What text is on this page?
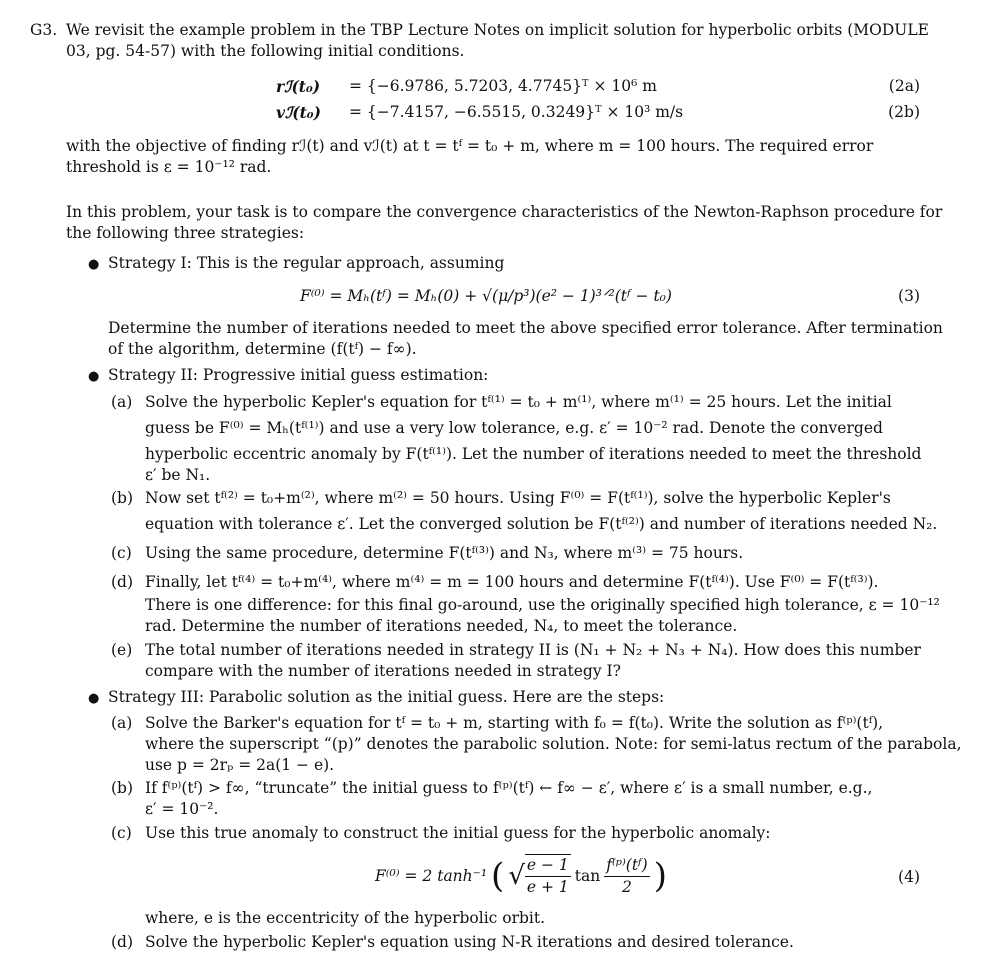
G3. We revisit the example problem in the TBP Lecture Notes on implicit solution for hyperbolic orbits (MODULE
03, pg. 54-57) with the following initial conditions.
rℐ(t₀) = {−6.9786, 5.7203, 4.7745}ᵀ × 10⁶ m	(2a)
vℐ(t₀) = {−7.4157, −6.5515, 0.3249}ᵀ × 10³ m/s	(2b)
with the objective of finding rℐ(t) and vℐ(t) at t = tᶠ = t₀ + m, where m = 100 hours. The required error
threshold is ε = 10⁻¹² rad.
In this problem, your task is to compare the convergence characteristics of the Newton-Raphson procedure for
the following three strategies:
● Strategy I: This is the regular approach, assuming
F⁽⁰⁾ = Mₕ(tᶠ) = Mₕ(0) + √(μ/p³)(e² − 1)³ᐟ²(tᶠ − t₀)	(3)
Determine the number of iterations needed to meet the above specified error tolerance. After termination
of the algorithm, determine (f(tᶠ) − f∞).
● Strategy II: Progressive initial guess estimation:
(a) Solve the hyperbolic Kepler's equation for tᶠ⁽¹⁾ = t₀ + m⁽¹⁾, where m⁽¹⁾ = 25 hours. Let the initial
guess be F⁽⁰⁾ = Mₕ(tᶠ⁽¹⁾) and use a very low tolerance, e.g. ε′ = 10⁻² rad. Denote the converged
hyperbolic eccentric anomaly by F(tᶠ⁽¹⁾). Let the number of iterations needed to meet the threshold
ε′ be N₁.
(b) Now set tᶠ⁽²⁾ = t₀+m⁽²⁾, where m⁽²⁾ = 50 hours. Using F⁽⁰⁾ = F(tᶠ⁽¹⁾), solve the hyperbolic Kepler's
equation with tolerance ε′. Let the converged solution be F(tᶠ⁽²⁾) and number of iterations needed N₂.
(c) Using the same procedure, determine F(tᶠ⁽³⁾) and N₃, where m⁽³⁾ = 75 hours.
(d) Finally, let tᶠ⁽⁴⁾ = t₀+m⁽⁴⁾, where m⁽⁴⁾ = m = 100 hours and determine F(tᶠ⁽⁴⁾). Use F⁽⁰⁾ = F(tᶠ⁽³⁾).
There is one difference: for this final go-around, use the originally specified high tolerance, ε = 10⁻¹²
rad. Determine the number of iterations needed, N₄, to meet the tolerance.
(e) The total number of iterations needed in strategy II is (N₁ + N₂ + N₃ + N₄). How does this number
compare with the number of iterations needed in strategy I?
● Strategy III: Parabolic solution as the initial guess. Here are the steps:
(a) Solve the Barker's equation for tᶠ = t₀ + m, starting with f₀ = f(t₀). Write the solution as f⁽ᵖ⁾(tᶠ),
where the superscript “(p)” denotes the parabolic solution. Note: for semi-latus rectum of the parabola,
use p = 2rₚ = 2a(1 − e).
(b) If f⁽ᵖ⁾(tᶠ) > f∞, “truncate” the initial guess to f⁽ᵖ⁾(tᶠ) ← f∞ − ε′, where ε′ is a small number, e.g.,
ε′ = 10⁻².
(c) Use this true anomaly to construct the initial guess for the hyperbolic anomaly:
F⁽⁰⁾ = 2 tanh⁻¹ ( √ $\frac{e - 1}{e + 1}$ $\tan \frac{\text{f⁽ᵖ⁾(tᶠ)}}{2}$ )	(4)
where, e is the eccentricity of the hyperbolic orbit.
(d) Solve the hyperbolic Kepler's equation using N-R iterations and desired tolerance.
